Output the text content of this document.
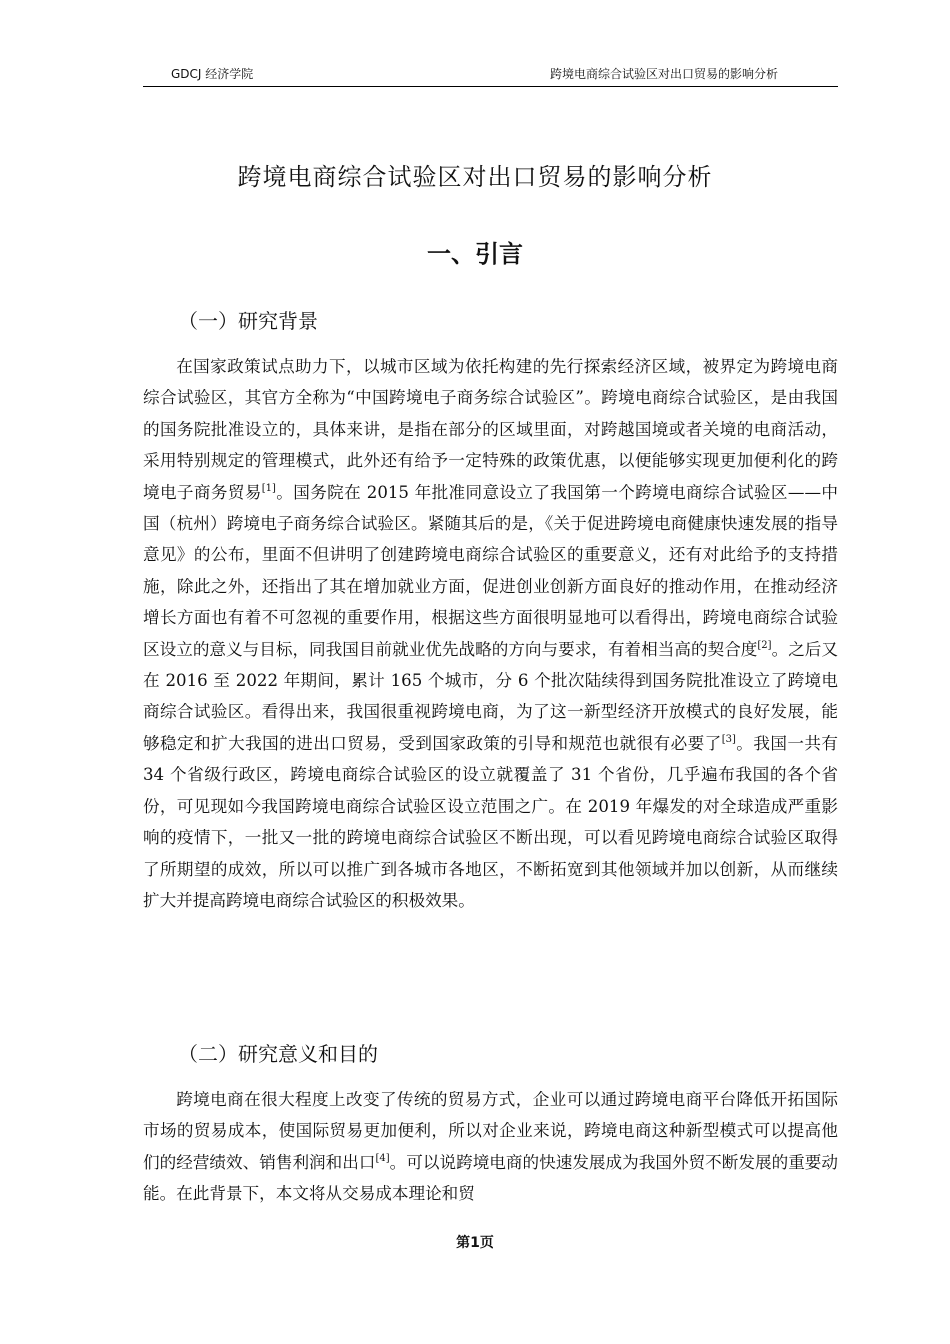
GDCJ 经济学院	跨境电商综合试验区对出口贸易的影响分析
跨境电商综合试验区对出口贸易的影响分析
一、引言
（一）研究背景

在国家政策试点助力下，以城市区域为依托构建的先行探索经济区域，被界定为跨境电商综合试验区，其官方全称为“中国跨境电子商务综合试验区”。跨境电商综合试验区，是由我国的国务院批准设立的，具体来讲，是指在部分的区域里面，对跨越国境或者关境的电商活动，采用特别规定的管理模式，此外还有给予一定特殊的政策优惠，以便能够实现更加便利化的跨境电子商务贸易[1]。国务院在 2015 年批准同意设立了我国第一个跨境电商综合试验区——中国（杭州）跨境电子商务综合试验区。紧随其后的是，《关于促进跨境电商健康快速发展的指导意见》的公布，里面不但讲明了创建跨境电商综合试验区的重要意义，还有对此给予的支持措施，除此之外，还指出了其在增加就业方面，促进创业创新方面良好的推动作用，在推动经济增长方面也有着不可忽视的重要作用，根据这些方面很明显地可以看得出，跨境电商综合试验区设立的意义与目标，同我国目前就业优先战略的方向与要求，有着相当高的契合度[2]。之后又在 2016 至 2022 年期间，累计 165 个城市，分 6 个批次陆续得到国务院批准设立了跨境电商综合试验区。看得出来，我国很重视跨境电商，为了这一新型经济开放模式的良好发展，能够稳定和扩大我国的进出口贸易，受到国家政策的引导和规范也就很有必要了[3]。我国一共有 34 个省级行政区，跨境电商综合试验区的设立就覆盖了 31 个省份，几乎遍布我国的各个省份，可见现如今我国跨境电商综合试验区设立范围之广。在 2019 年爆发的对全球造成严重影响的疫情下，一批又一批的跨境电商综合试验区不断出现，可以看见跨境电商综合试验区取得了所期望的成效，所以可以推广到各城市各地区，不断拓宽到其他领域并加以创新，从而继续扩大并提高跨境电商综合试验区的积极效果。

（二）研究意义和目的

跨境电商在很大程度上改变了传统的贸易方式，企业可以通过跨境电商平台降低开拓国际市场的贸易成本，使国际贸易更加便利，所以对企业来说，跨境电商这种新型模式可以提高他们的经营绩效、销售利润和出口[4]。可以说跨境电商的快速发展成为我国外贸不断发展的重要动能。在此背景下，本文将从交易成本理论和贸

第1页
